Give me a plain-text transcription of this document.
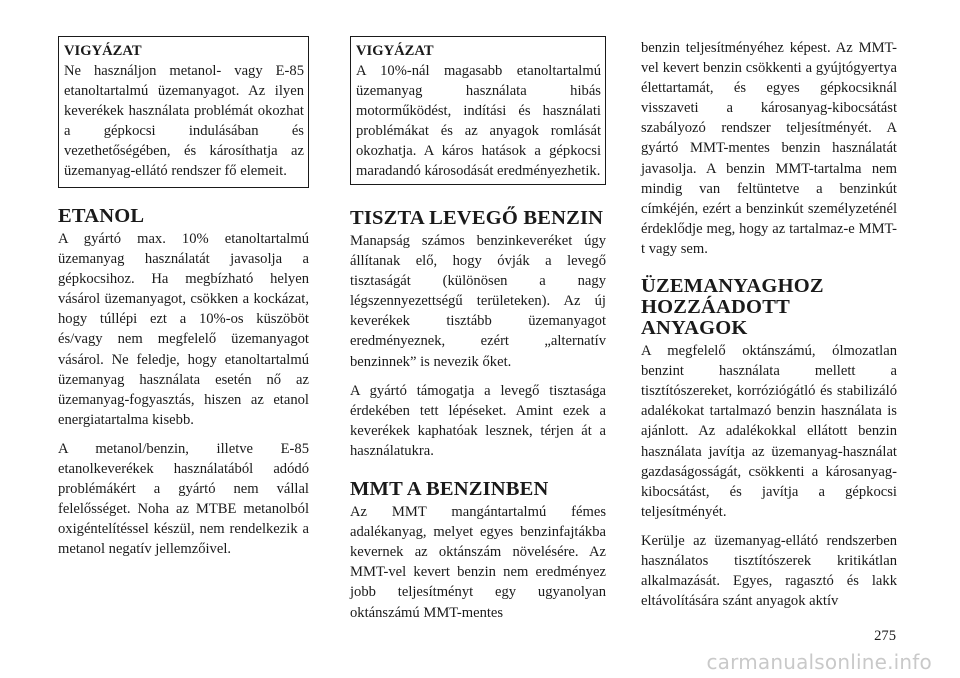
VIGYÁZAT
Ne használjon metanol- vagy E-85 etanoltartalmú üzemanyagot. Az ilyen keverékek használata problémát okozhat a gépkocsi indulásában és vezethetőségében, és károsíthatja az üzemanyag-ellátó rendszer fő elemeit.
ETANOL

A gyártó max. 10% etanoltartalmú üzemanyag használatát javasolja a gépkocsihoz. Ha megbízható helyen vásárol üzemanyagot, csökken a kockázat, hogy túllépi ezt a 10%-os küszöböt és/vagy nem megfelelő üzemanyagot vásárol. Ne feledje, hogy etanoltartalmú üzemanyag használata esetén nő az üzemanyag-fogyasztás, hiszen az etanol energiatartalma kisebb.

A metanol/benzin, illetve E-85 etanolkeverékek használatából adódó problémákért a gyártó nem vállal felelősséget. Noha az MTBE metanolból oxigéntelítéssel készül, nem rendelkezik a metanol negatív jellemzőivel.

VIGYÁZAT
A 10%-nál magasabb etanoltartalmú üzemanyag használata hibás motorműködést, indítási és használati problémákat és az anyagok romlását okozhatja. A káros hatások a gépkocsi maradandó károsodását eredményezhetik.
TISZTA LEVEGŐ BENZIN

Manapság számos benzinkeveréket úgy állítanak elő, hogy óvják a levegő tisztaságát (különösen a nagy légszennyezettségű területeken). Az új keverékek tisztább üzemanyagot eredményeznek, ezért „alternatív benzinnek” is nevezik őket.

A gyártó támogatja a levegő tisztasága érdekében tett lépéseket. Amint ezek a keverékek kaphatóak lesznek, térjen át a használatukra.

MMT A BENZINBEN

Az MMT mangántartalmú fémes adalékanyag, melyet egyes benzinfajtákba kevernek az oktánszám növelésére. Az MMT-vel kevert benzin nem eredményez jobb teljesítményt egy ugyanolyan oktánszámú MMT-mentes

benzin teljesítményéhez képest. Az MMT-vel kevert benzin csökkenti a gyújtógyertya élettartamát, és egyes gépkocsiknál visszaveti a károsanyag-kibocsátást szabályozó rendszer teljesítményét. A gyártó MMT-mentes benzin használatát javasolja. A benzin MMT-tartalma nem mindig van feltüntetve a benzinkút címkéjén, ezért a benzinkút személyzeténél érdeklődje meg, hogy az tartalmaz-e MMT-t vagy sem.

ÜZEMANYAGHOZ HOZZÁADOTT ANYAGOK

A megfelelő oktánszámú, ólmozatlan benzint használata mellett a tisztítószereket, korróziógátló és stabilizáló adalékokat tartalmazó benzin használata is ajánlott. Az adalékokkal ellátott benzin használata javítja az üzemanyag-használat gazdaságosságát, csökkenti a károsanyag-kibocsátást, és javítja a gépkocsi teljesítményét.

Kerülje az üzemanyag-ellátó rendszerben használatos tisztítószerek kritikátlan alkalmazását. Egyes, ragasztó és lakk eltávolítására szánt anyagok aktív

275
carmanualsonline.info
